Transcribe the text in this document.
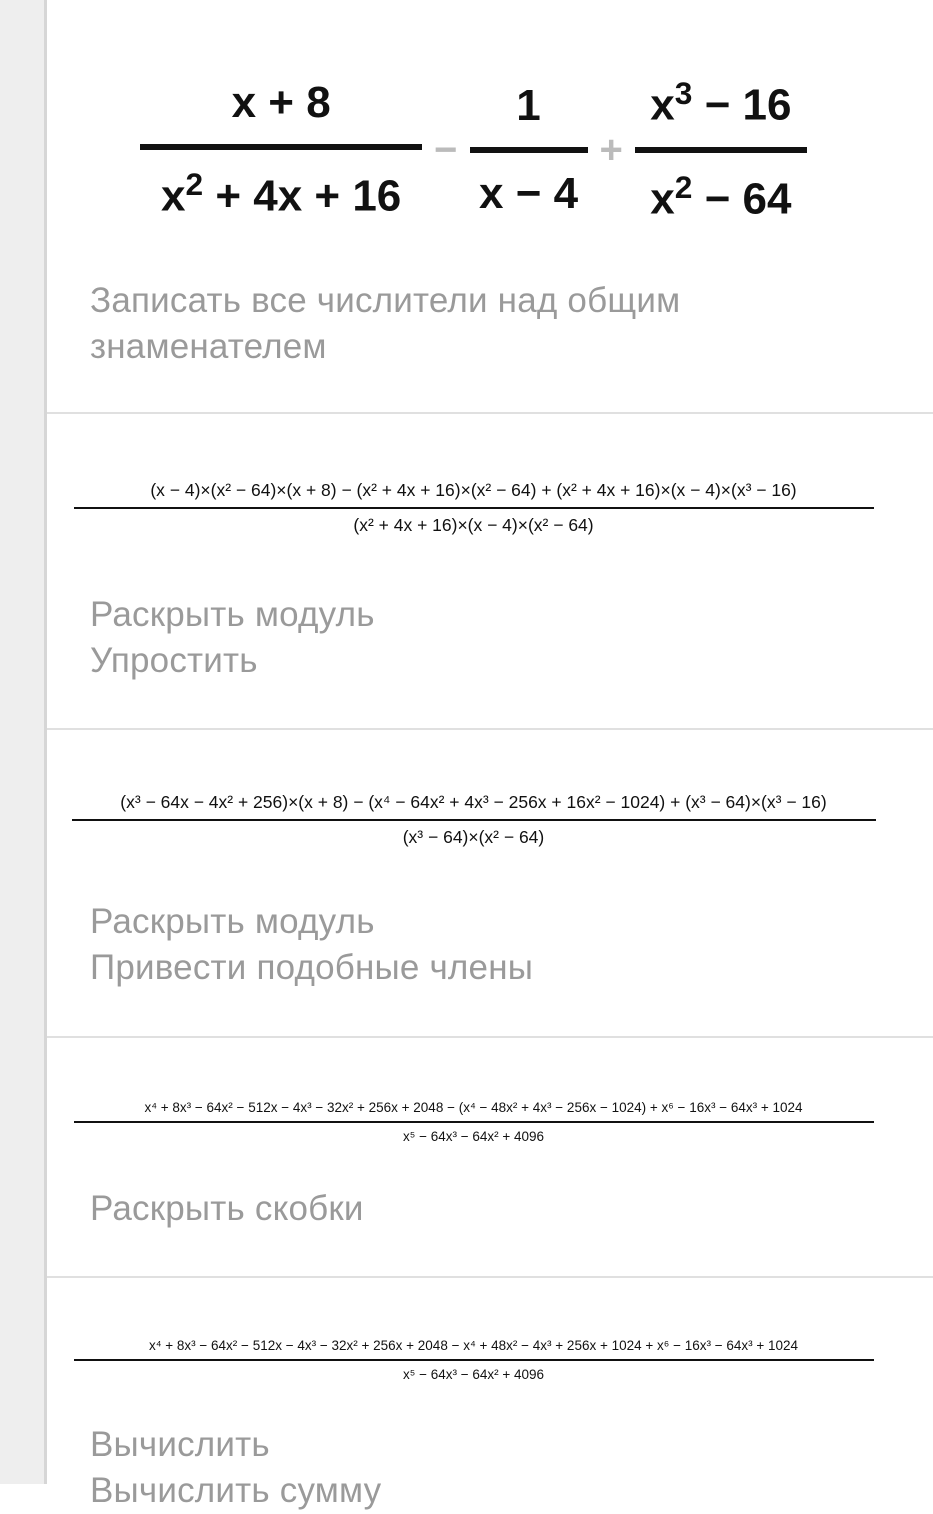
x + 8
$x^2 + 4x + 16$
−
1
x − 4
+
$x^3 - 16$
$x^2 - 64$
Записать все числители над общим
знаменателем
(x − 4)×(x² − 64)×(x + 8) − (x² + 4x + 16)×(x² − 64) + (x² + 4x + 16)×(x − 4)×(x³ − 16)
(x² + 4x + 16)×(x − 4)×(x² − 64)
Раскрыть модуль
Упростить
(x³ − 64x − 4x² + 256)×(x + 8) − (x⁴ − 64x² + 4x³ − 256x + 16x² − 1024) + (x³ − 64)×(x³ − 16)
(x³ − 64)×(x² − 64)
Раскрыть модуль
Привести подобные члены
x⁴ + 8x³ − 64x² − 512x − 4x³ − 32x² + 256x + 2048 − (x⁴ − 48x² + 4x³ − 256x − 1024) + x⁶ − 16x³ − 64x³ + 1024
x⁵ − 64x³ − 64x² + 4096
Раскрыть скобки
x⁴ + 8x³ − 64x² − 512x − 4x³ − 32x² + 256x + 2048 − x⁴ + 48x² − 4x³ + 256x + 1024 + x⁶ − 16x³ − 64x³ + 1024
x⁵ − 64x³ − 64x² + 4096
Вычислить
Вычислить сумму
